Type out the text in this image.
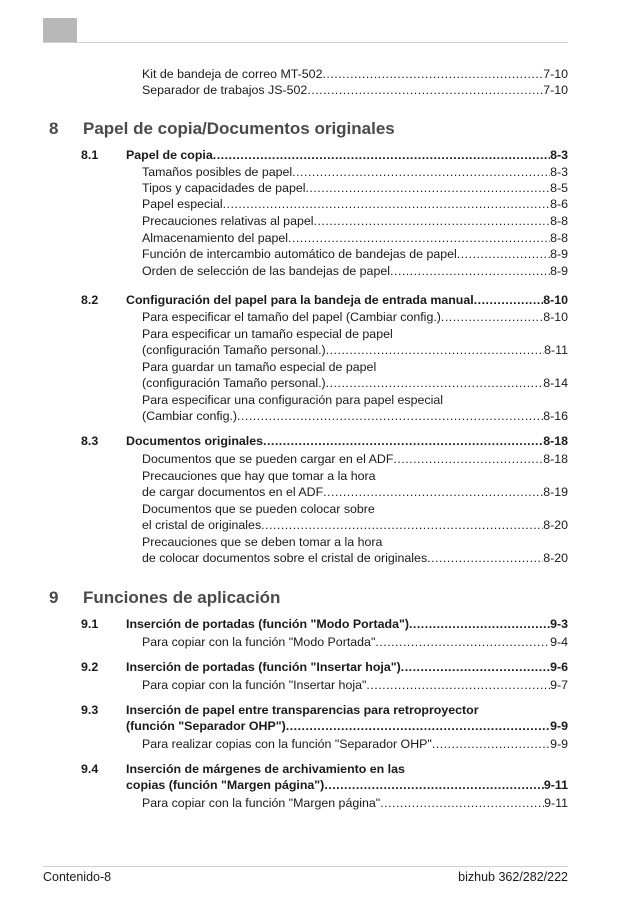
Kit de bandeja de correo MT-502 .....	7-10
Separador de trabajos JS-502 .....	7-10
8 Papel de copia/Documentos originales
8.1 Papel de copia .....	8-3
Tamaños posibles de papel .....	8-3
Tipos y capacidades de papel .....	8-5
Papel especial .....	8-6
Precauciones relativas al papel .....	8-8
Almacenamiento del papel .....	8-8
Función de intercambio automático de bandejas de papel .....	8-9
Orden de selección de las bandejas de papel .....	8-9
8.2 Configuración del papel para la bandeja de entrada manual .....	8-10
Para especificar el tamaño del papel (Cambiar config.) .....	8-10
Para especificar un tamaño especial de papel
(configuración Tamaño personal.) .....	8-11
Para guardar un tamaño especial de papel
(configuración Tamaño personal.) .....	8-14
Para especificar una configuración para papel especial
(Cambiar config.) .....	8-16
8.3 Documentos originales .....	8-18
Documentos que se pueden cargar en el ADF .....	8-18
Precauciones que hay que tomar a la hora
de cargar documentos en el ADF .....	8-19
Documentos que se pueden colocar sobre
el cristal de originales .....	8-20
Precauciones que se deben tomar a la hora
de colocar documentos sobre el cristal de originales .....	8-20
9 Funciones de aplicación
9.1 Inserción de portadas (función "Modo Portada") .....	9-3
Para copiar con la función "Modo Portada" .....	9-4
9.2 Inserción de portadas (función "Insertar hoja") .....	9-6
Para copiar con la función "Insertar hoja" .....	9-7
9.3 Inserción de papel entre transparencias para retroproyector
(función "Separador OHP") .....	9-9
Para realizar copias con la función "Separador OHP" .....	9-9
9.4 Inserción de márgenes de archivamiento en las
copias (función "Margen página") .....	9-11
Para copiar con la función "Margen página" .....	9-11
Contenido-8	bizhub 362/282/222
